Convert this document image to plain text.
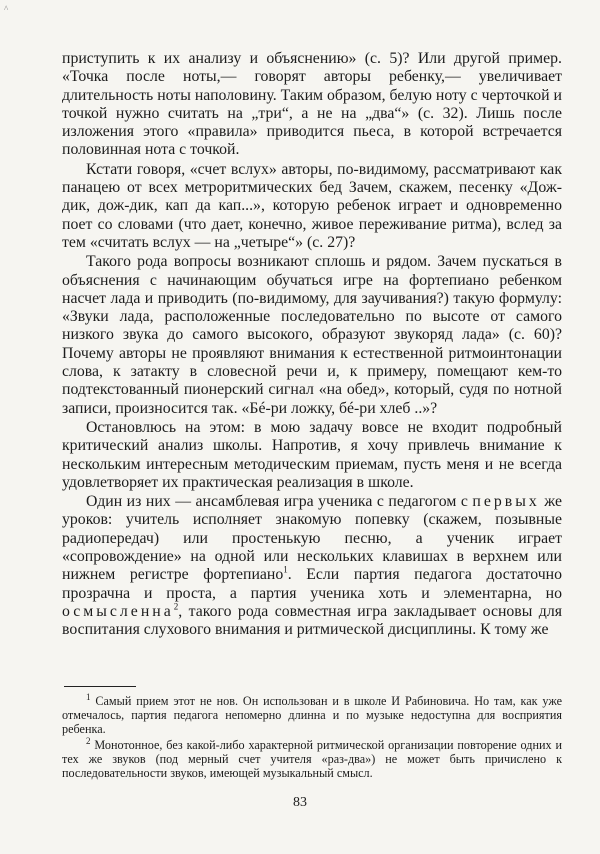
^

приступить к их анализу и объяснению» (с. 5)? Или другой пример. «Точка после ноты,— говорят авторы ребенку,— увеличивает длительность ноты наполовину. Таким образом, белую ноту с черточкой и точкой нужно считать на „три“, а не на „два“» (с. 32). Лишь после изложения этого «правила» приводится пьеса, в которой встречается половинная нота с точкой.

Кстати говоря, «счет вслух» авторы, по-видимому, рассматривают как панацею от всех метроритмических бед Зачем, скажем, песенку «Дож-дик, дож-дик, кап да кап...», которую ребенок играет и одновременно поет со словами (что дает, конечно, живое переживание ритма), вслед за тем «считать вслух — на „четыре“» (с. 27)?

Такого рода вопросы возникают сплошь и рядом. Зачем пускаться в объяснения с начинающим обучаться игре на фортепиано ребенком насчет лада и приводить (по-видимому, для заучивания?) такую формулу: «Звуки лада, расположенные последовательно по высоте от самого низкого звука до самого высокого, образуют звукоряд лада» (с. 60)? Почему авторы не проявляют внимания к естественной ритмоинтонации слова, к затакту в словесной речи и, к примеру, помещают кем-то подтекстованный пионерский сигнал «на обед», который, судя по нотной записи, произносится так. «Бé-ри ложку, бé-ри хлеб ..»?

Остановлюсь на этом: в мою задачу вовсе не входит подробный критический анализ школы. Напротив, я хочу привлечь внимание к нескольким интересным методическим приемам, пусть меня и не всегда удовлетворяет их практическая реализация в школе.

Один из них — ансамблевая игра ученика с педагогом с первых же уроков: учитель исполняет знакомую попевку (скажем, позывные радиопередач) или простенькую песню, а ученик играет «сопровождение» на одной или нескольких клавишах в верхнем или нижнем регистре фортепиано$^1$. Если партия педагога достаточно прозрачна и проста, а партия ученика хоть и элементарна, но осмысленна$^2$, такого рода совместная игра закладывает основы для воспитания слухового внимания и ритмической дисциплины. К тому же

$^1$ Самый прием этот не нов. Он использован и в школе И Рабиновича. Но там, как уже отмечалось, партия педагога непомерно длинна и по музыке недоступна для восприятия ребенка.

$^2$ Монотонное, без какой-либо характерной ритмической организации повторение одних и тех же звуков (под мерный счет учителя «раз-два») не может быть причислено к последовательности звуков, имеющей музыкальный смысл.

83
